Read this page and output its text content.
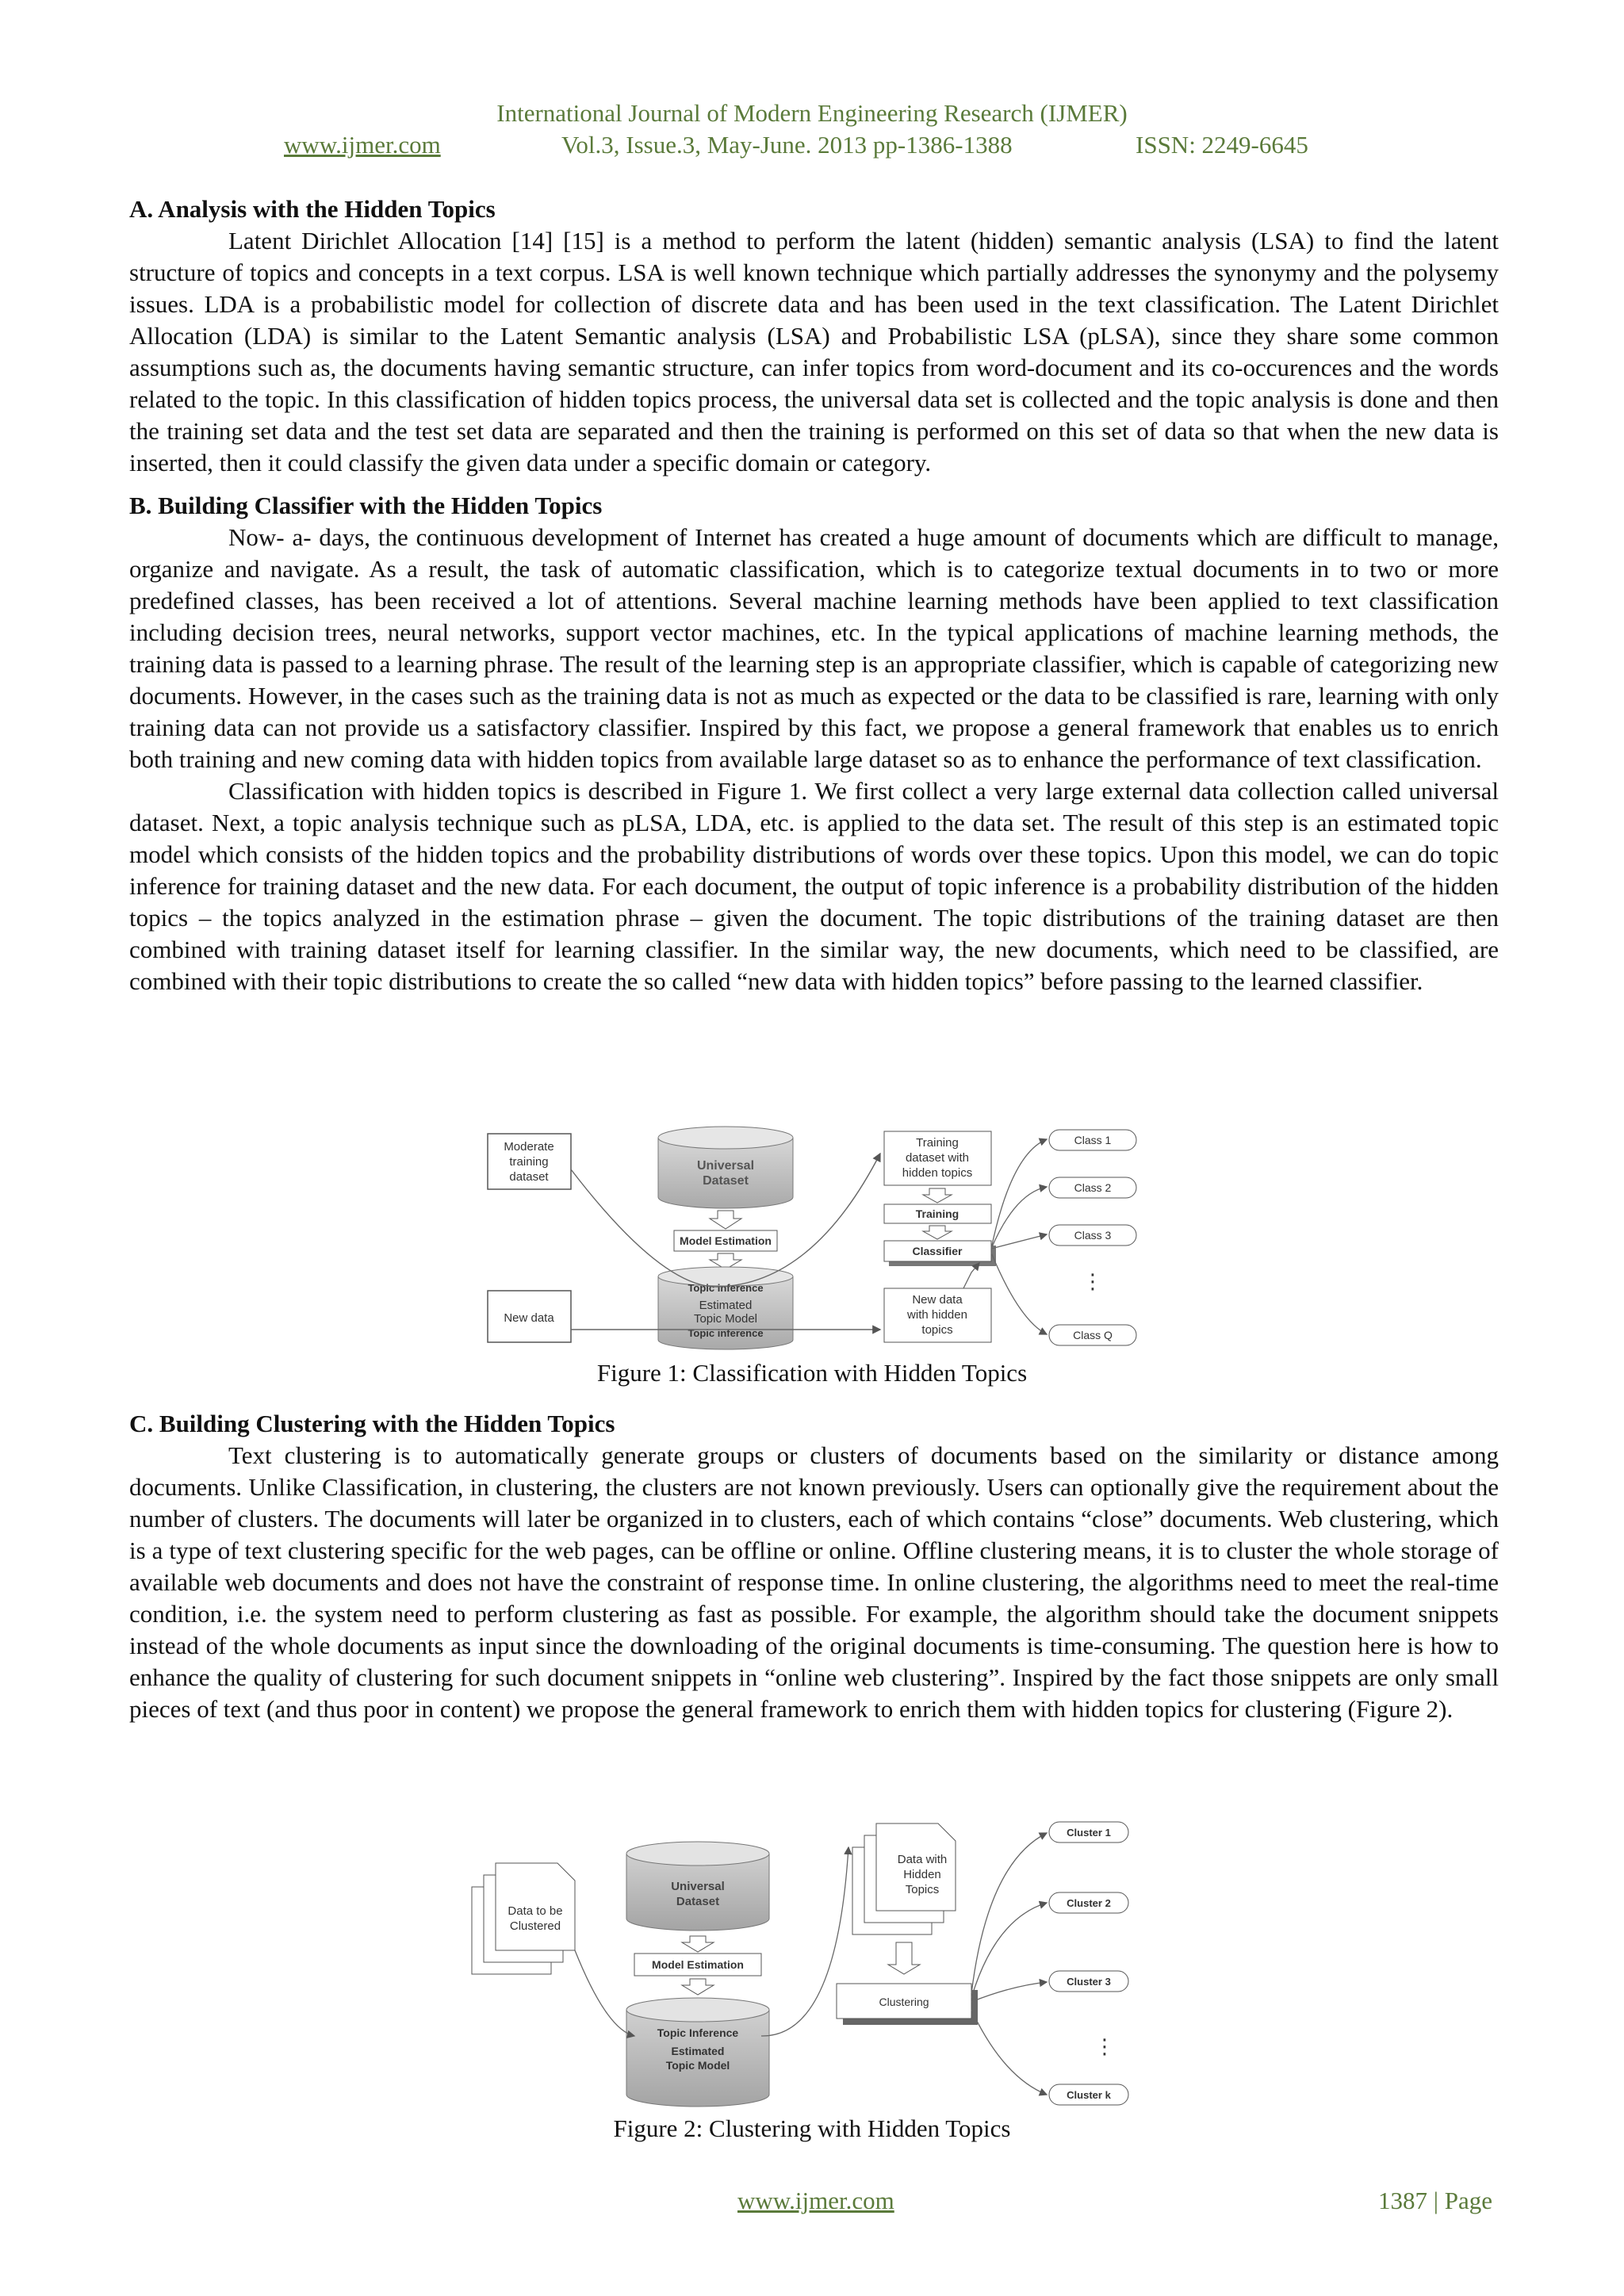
International Journal of Modern Engineering Research (IJMER)
www.ijmer.com	Vol.3, Issue.3, May-June. 2013 pp-1386-1388	ISSN: 2249-6645
A. Analysis with the Hidden Topics

Latent Dirichlet Allocation [14] [15] is a method to perform the latent (hidden) semantic analysis (LSA) to find the latent structure of topics and concepts in a text corpus. LSA is well known technique which partially addresses the synonymy and the polysemy issues. LDA is a probabilistic model for collection of discrete data and has been used in the text classification. The Latent Dirichlet Allocation (LDA) is similar to the Latent Semantic analysis (LSA) and Probabilistic LSA (pLSA), since they share some common assumptions such as, the documents having semantic structure, can infer topics from word-document and its co-occurences and the words related to the topic. In this classification of hidden topics process, the universal data set is collected and the topic analysis is done and then the training set data and the test set data are separated and then the training is performed on this set of data so that when the new data is inserted, then it could classify the given data under a specific domain or category.

B. Building Classifier with the Hidden Topics

Now- a- days, the continuous development of Internet has created a huge amount of documents which are difficult to manage, organize and navigate. As a result, the task of automatic classification, which is to categorize textual documents in to two or more predefined classes, has been received a lot of attentions. Several machine learning methods have been applied to text classification including decision trees, neural networks, support vector machines, etc. In the typical applications of machine learning methods, the training data is passed to a learning phrase. The result of the learning step is an appropriate classifier, which is capable of categorizing new documents. However, in the cases such as the training data is not as much as expected or the data to be classified is rare, learning with only training data can not provide us a satisfactory classifier. Inspired by this fact, we propose a general framework that enables us to enrich both training and new coming data with hidden topics from available large dataset so as to enhance the performance of text classification.

Classification with hidden topics is described in Figure 1. We first collect a very large external data collection called universal dataset. Next, a topic analysis technique such as pLSA, LDA, etc. is applied to the data set. The result of this step is an estimated topic model which consists of the hidden topics and the probability distributions of words over these topics. Upon this model, we can do topic inference for training dataset and the new data. For each document, the output of topic inference is a probability distribution of the hidden topics – the topics analyzed in the estimation phrase – given the document. The topic distributions of the training dataset are then combined with training dataset itself for learning classifier. In the similar way, the new documents, which need to be classified, are combined with their topic distributions to create the so called “new data with hidden topics” before passing to the learned classifier.

Moderate
training
dataset
New data
Universal
Dataset
Model Estimation
Topic inference
Estimated
Topic Model
Topic inference
Training
dataset with
hidden topics
Training
Classifier
New data
with hidden
topics
Class 1
Class 2
Class 3
⋮
Class Q
Figure 1: Classification with Hidden Topics
C. Building Clustering with the Hidden Topics

Text clustering is to automatically generate groups or clusters of documents based on the similarity or distance among documents. Unlike Classification, in clustering, the clusters are not known previously. Users can optionally give the requirement about the number of clusters. The documents will later be organized in to clusters, each of which contains “close” documents. Web clustering, which is a type of text clustering specific for the web pages, can be offline or online. Offline clustering means, it is to cluster the whole storage of available web documents and does not have the constraint of response time. In online clustering, the algorithms need to meet the real-time condition, i.e. the system need to perform clustering as fast as possible. For example, the algorithm should take the document snippets instead of the whole documents as input since the downloading of the original documents is time-consuming. The question here is how to enhance the quality of clustering for such document snippets in “online web clustering”. Inspired by the fact those snippets are only small pieces of text (and thus poor in content) we propose the general framework to enrich them with hidden topics for clustering (Figure 2).

Data to be
Clustered
Universal
Dataset
Model Estimation
Topic Inference
Estimated
Topic Model
Data with
Hidden
Topics
Clustering
Cluster 1
Cluster 2
Cluster 3
⋮
Cluster k
Figure 2: Clustering with Hidden Topics
www.ijmer.com	1387 | Page
